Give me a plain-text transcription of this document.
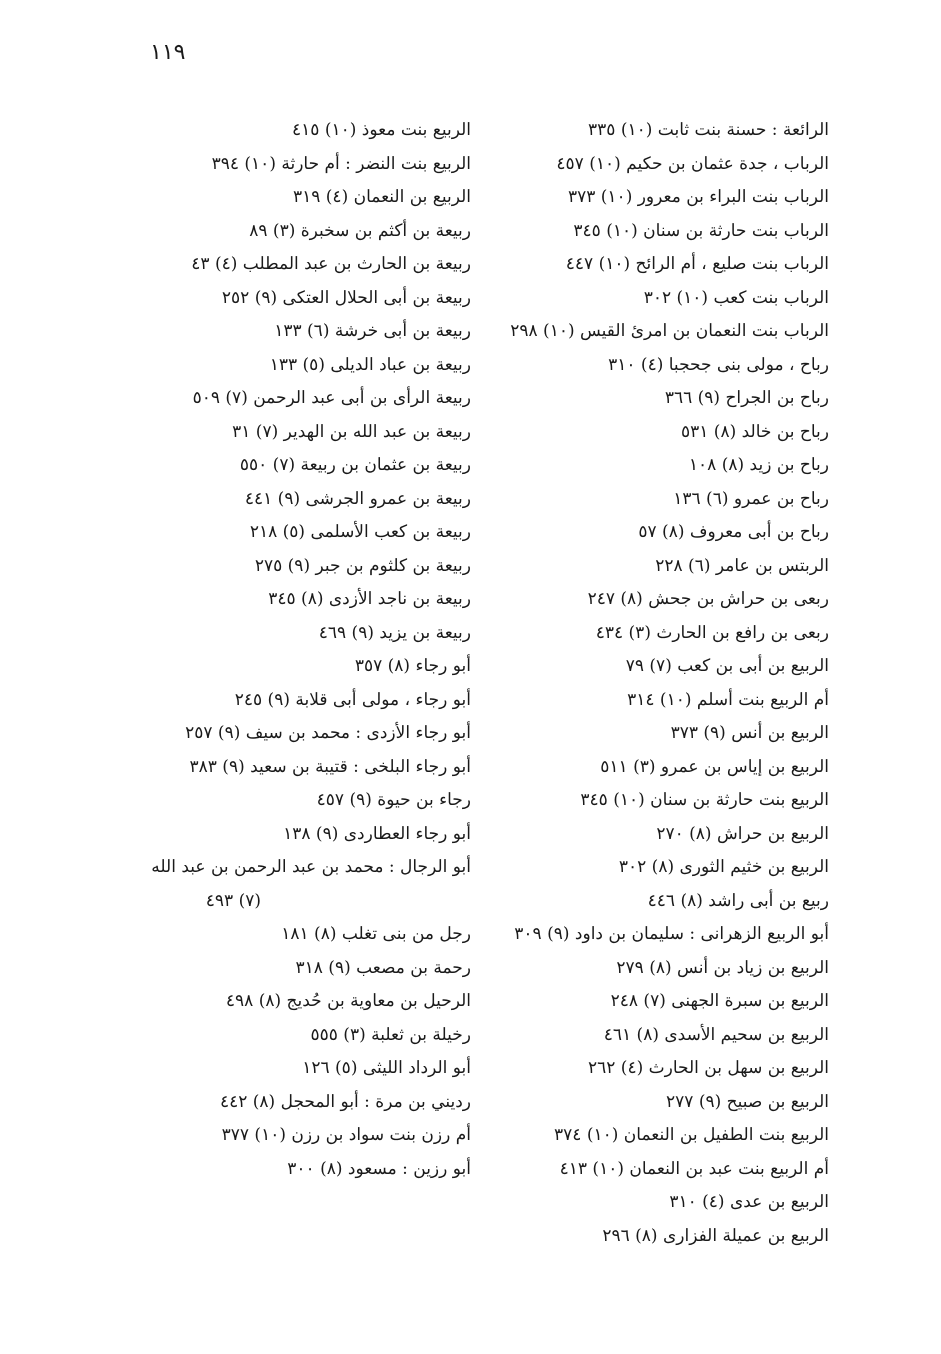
١١٩
الرائعة : حسنة بنت ثابت (١٠) ٣٣٥
الرباب ، جدة عثمان بن حكيم (١٠) ٤٥٧
الرباب بنت البراء بن معرور (١٠) ٣٧٣
الرباب بنت حارثة بن سنان (١٠) ٣٤٥
الرباب بنت صليع ، أم الرائح (١٠) ٤٤٧
الرباب بنت كعب (١٠) ٣٠٢
الرباب بنت النعمان بن امرئ القيس (١٠) ٢٩٨
رباح ، مولى بنى جحجبا (٤) ٣١٠
رباح بن الجراح (٩) ٣٦٦
رباح بن خالد (٨) ٥٣١
رباح بن زيد (٨) ١٠٨
رباح بن عمرو (٦) ١٣٦
رباح بن أبى معروف (٨) ٥٧
الربتس بن عامر (٦) ٢٢٨
ربعى بن حراش بن جحش (٨) ٢٤٧
ربعى بن رافع بن الحارث (٣) ٤٣٤
الربيع بن أبى بن كعب (٧) ٧٩
أم الربيع بنت أسلم (١٠) ٣١٤
الربيع بن أنس (٩) ٣٧٣
الربيع بن إياس بن عمرو (٣) ٥١١
الربيع بنت حارثة بن سنان (١٠) ٣٤٥
الربيع بن حراش (٨) ٢٧٠
الربيع بن خثيم الثورى (٨) ٣٠٢
ربيع بن أبى راشد (٨) ٤٤٦
أبو الربيع الزهرانى : سليمان بن داود (٩) ٣٠٩
الربيع بن زياد بن أنس (٨) ٢٧٩
الربيع بن سبرة الجهنى (٧) ٢٤٨
الربيع بن سحيم الأسدى (٨) ٤٦١
الربيع بن سهل بن الحارث (٤) ٢٦٢
الربيع بن صبيح (٩) ٢٧٧
الربيع بنت الطفيل بن النعمان (١٠) ٣٧٤
أم الربيع بنت عبد بن النعمان (١٠) ٤١٣
الربيع بن عدى (٤) ٣١٠
الربيع بن عميلة الفزارى (٨) ٢٩٦
الربيع بنت معوذ (١٠) ٤١٥
الربيع بنت النضر : أم حارثة (١٠) ٣٩٤
الربيع بن النعمان (٤) ٣١٩
ربيعة بن أكثم بن سخبرة (٣) ٨٩
ربيعة بن الحارث بن عبد المطلب (٤) ٤٣
ربيعة بن أبى الحلال العتكى (٩) ٢٥٢
ربيعة بن أبى خرشة (٦) ١٣٣
ربيعة بن عباد الديلى (٥) ١٣٣
ربيعة الرأى بن أبى عبد الرحمن (٧) ٥٠٩
ربيعة بن عبد الله بن الهدير (٧) ٣١
ربيعة بن عثمان بن ربيعة (٧) ٥٥٠
ربيعة بن عمرو الجرشى (٩) ٤٤١
ربيعة بن كعب الأسلمى (٥) ٢١٨
ربيعة بن كلثوم بن جبر (٩) ٢٧٥
ربيعة بن ناجد الأزدى (٨) ٣٤٥
ربيعة بن يزيد (٩) ٤٦٩
أبو رجاء (٨) ٣٥٧
أبو رجاء ، مولى أبى قلابة (٩) ٢٤٥
أبو رجاء الأزدى : محمد بن سيف (٩) ٢٥٧
أبو رجاء البلخى : قتيبة بن سعيد (٩) ٣٨٣
رجاء بن حيوة (٩) ٤٥٧
أبو رجاء العطاردى (٩) ١٣٨
أبو الرجال : محمد بن عبد الرحمن بن عبد الله
(٧) ٤٩٣
رجل من بنى تغلب (٨) ١٨١
رحمة بن مصعب (٩) ٣١٨
الرحيل بن معاوية بن حُديج (٨) ٤٩٨
رخيلة بن ثعلبة (٣) ٥٥٥
أبو الرداد الليثى (٥) ١٢٦
رديني بن مرة : أبو المحجل (٨) ٤٤٢
أم رزن بنت سواد بن رزن (١٠) ٣٧٧
أبو رزين : مسعود (٨) ٣٠٠
